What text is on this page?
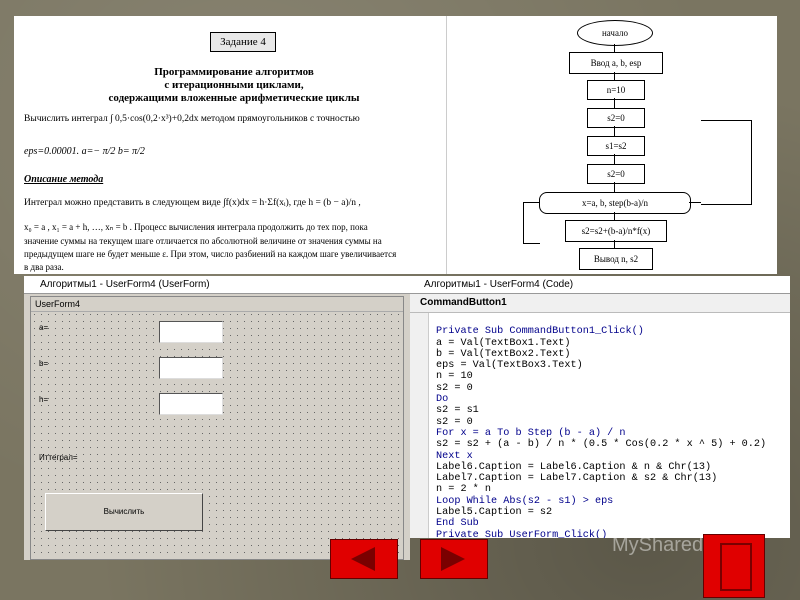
Задание 4
Программирование алгоритмов
с итерационными циклами,
содержащими вложенные арифметические циклы
Вычислить интеграл ∫ 0,5·cos(0,2·x³)+0,2dx методом прямоугольников с точностью
eps=0.00001. a=− π/2 b= π/2
Описание метода
Интеграл можно представить в следующем виде ∫f(x)dx = h·Σf(xᵢ), где h = (b − a)/n ,
x₀ = a , x₁ = a + h, …, xₙ = b . Процесс вычисления интеграла продолжить до тех пор, пока
значение суммы на текущем шаге отличается по абсолютной величине от значения суммы на
предыдущем шаге не будет меньше ε. При этом, число разбиений на каждом шаге увеличивается
в два раза.
начало
Ввод a, b, esp
n=10
s2=0
s1=s2
s2=0
x=a, b, step(b-a)/n
s2=s2+(b-a)/n*f(x)
Вывод n, s2
Алгоритмы1 - UserForm4 (UserForm)
UserForm4
a=
b=
h=
Иттеграл=
Вычислить
Алгоритмы1 - UserForm4 (Code)
CommandButton1

Private Sub CommandButton1_Click()
a = Val(TextBox1.Text)
b = Val(TextBox2.Text)
eps = Val(TextBox3.Text)
n = 10
s2 = 0
Do
s2 = s1
s2 = 0
For x = a To b Step (b - a) / n
s2 = s2 + (a - b) / n * (0.5 * Cos(0.2 * x ^ 5) + 0.2)
Next x
Label6.Caption = Label6.Caption & n & Chr(13)
Label7.Caption = Label7.Caption & s2 & Chr(13)
n = 2 * n
Loop While Abs(s2 - s1) > eps
Label5.Caption = s2
End Sub
Private Sub UserForm_Click()

MyShared
